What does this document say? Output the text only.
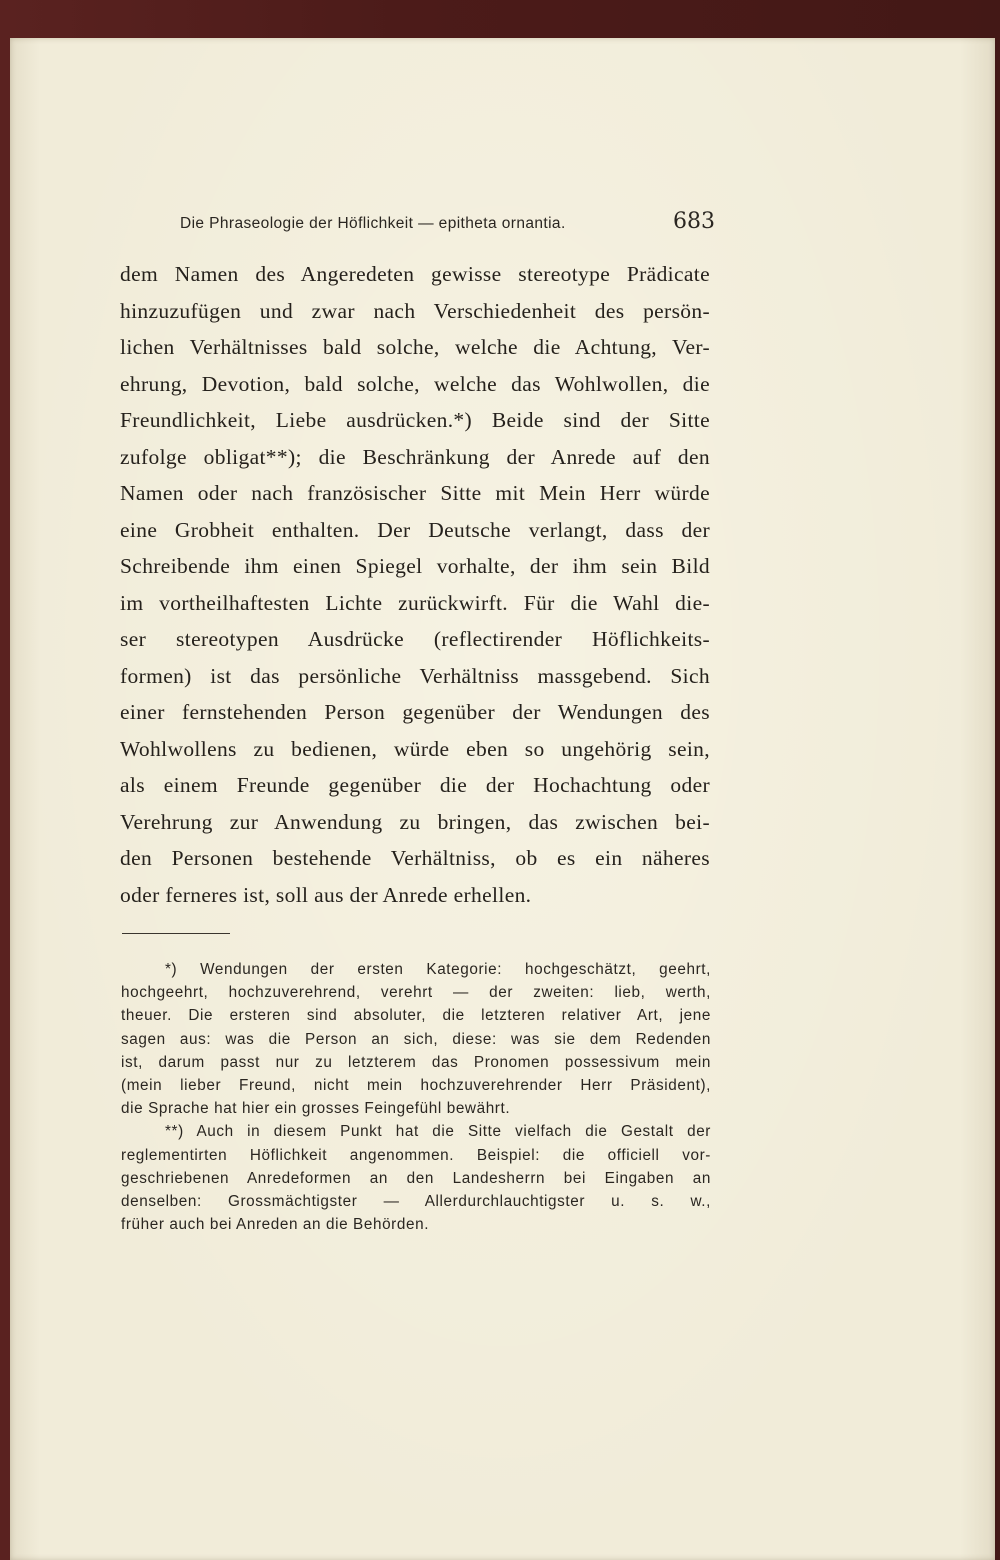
Die Phraseologie der Höflichkeit — epitheta ornantia.	683
dem Namen des Angeredeten gewisse stereotype Prädicate
hinzuzufügen und zwar nach Verschiedenheit des persön-
lichen Verhältnisses bald solche, welche die Achtung, Ver-
ehrung, Devotion, bald solche, welche das Wohlwollen, die
Freundlichkeit, Liebe ausdrücken.*) Beide sind der Sitte
zufolge obligat**); die Beschränkung der Anrede auf den
Namen oder nach französischer Sitte mit Mein Herr würde
eine Grobheit enthalten. Der Deutsche verlangt, dass der
Schreibende ihm einen Spiegel vorhalte, der ihm sein Bild
im vortheilhaftesten Lichte zurückwirft. Für die Wahl die-
ser stereotypen Ausdrücke (reflectirender Höflichkeits-
formen) ist das persönliche Verhältniss massgebend. Sich
einer fernstehenden Person gegenüber der Wendungen des
Wohlwollens zu bedienen, würde eben so ungehörig sein,
als einem Freunde gegenüber die der Hochachtung oder
Verehrung zur Anwendung zu bringen, das zwischen bei-
den Personen bestehende Verhältniss, ob es ein näheres
oder ferneres ist, soll aus der Anrede erhellen.
*) Wendungen der ersten Kategorie: hochgeschätzt, geehrt,
hochgeehrt, hochzuverehrend, verehrt — der zweiten: lieb, werth,
theuer. Die ersteren sind absoluter, die letzteren relativer Art, jene
sagen aus: was die Person an sich, diese: was sie dem Redenden
ist, darum passt nur zu letzterem das Pronomen possessivum mein
(mein lieber Freund, nicht mein hochzuverehrender Herr Präsident),
die Sprache hat hier ein grosses Feingefühl bewährt.
**) Auch in diesem Punkt hat die Sitte vielfach die Gestalt der
reglementirten Höflichkeit angenommen. Beispiel: die officiell vor-
geschriebenen Anredeformen an den Landesherrn bei Eingaben an
denselben: Grossmächtigster — Allerdurchlauchtigster u. s. w.,
früher auch bei Anreden an die Behörden.
